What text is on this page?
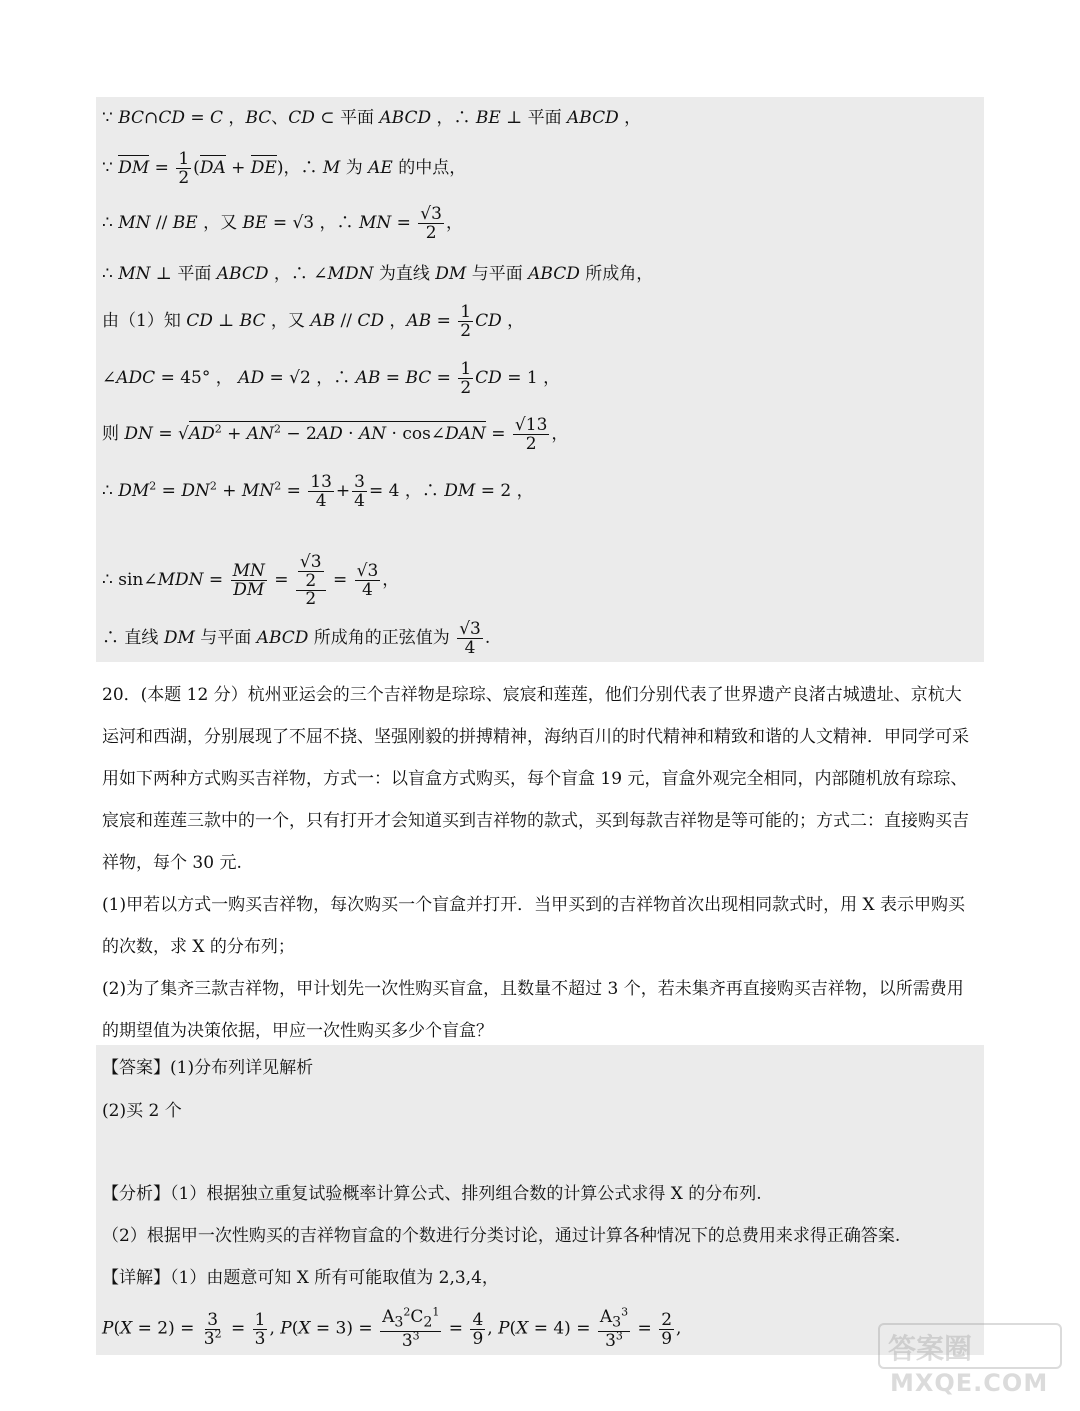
∵ BC∩CD = C ，BC、CD ⊂ 平面 ABCD ，∴ BE ⊥ 平面 ABCD ，
∵ DM = $\frac{1}{2} (DA + DE)$，∴ M 为 AE 的中点，
∴ MN // BE ，又 BE = √3 ，∴ MN = $\frac{√3}{2}$ ，
∴ MN ⊥ 平面 ABCD ，∴ ∠MDN 为直线 DM 与平面 ABCD 所成角，
由（1）知 CD ⊥ BC ，又 AB // CD ，AB = $\frac{1}{2}$ CD ，
∠ADC = 45° ， AD = √2 ，∴ AB = BC = $\frac{1}{2}$ CD = 1 ，
则 DN = $√AD^2 + AN^2 - 2AD$ · AN · cos∠DAN = $\frac{√13}{2}$ ，
∴ $DM^2 = DN^2 + MN^2 = \frac{13}{4} + \frac{3}{4} = 4$ ，∴ DM = 2 ，
∴ sin∠MDN = $\frac{MN}{DM} = \frac{\frac{√3}{2}}{2} = \frac{√3}{4}$ ，
∴ 直线 DM 与平面 ABCD 所成角的正弦值为 $\frac{√3}{4}$ .
20．(本题 12 分）杭州亚运会的三个吉祥物是琮琮、宸宸和莲莲，他们分别代表了世界遗产良渚古城遗址、京杭大运河和西湖，分别展现了不屈不挠、坚强刚毅的拼搏精神，海纳百川的时代精神和精致和谐的人文精神．甲同学可采用如下两种方式购买吉祥物，方式一：以盲盒方式购买，每个盲盒 19 元，盲盒外观完全相同，内部随机放有琮琮、宸宸和莲莲三款中的一个，只有打开才会知道买到吉祥物的款式，买到每款吉祥物是等可能的；方式二：直接购买吉祥物，每个 30 元.
(1)甲若以方式一购买吉祥物，每次购买一个盲盒并打开．当甲买到的吉祥物首次出现相同款式时，用 X 表示甲购买的次数，求 X 的分布列；
(2)为了集齐三款吉祥物，甲计划先一次性购买盲盒，且数量不超过 3 个，若未集齐再直接购买吉祥物，以所需费用的期望值为决策依据，甲应一次性购买多少个盲盒？
【答案】(1)分布列详见解析
(2)买 2 个
【分析】（1）根据独立重复试验概率计算公式、排列组合数的计算公式求得 X 的分布列.
（2）根据甲一次性购买的吉祥物盲盒的个数进行分类讨论，通过计算各种情况下的总费用来求得正确答案.
【详解】（1）由题意可知 X 所有可能取值为 2,3,4，
$P(X = 2) = \frac{3}{3^2} = \frac{1}{3}$ , $P(X = 3) = \frac{A_3^2C_2^1}{3^3} = \frac{4}{9}$ , $P(X = 4) = \frac{A_3^3}{3^3} = \frac{2}{9}$ ,
答案圈
MXQE.COM
